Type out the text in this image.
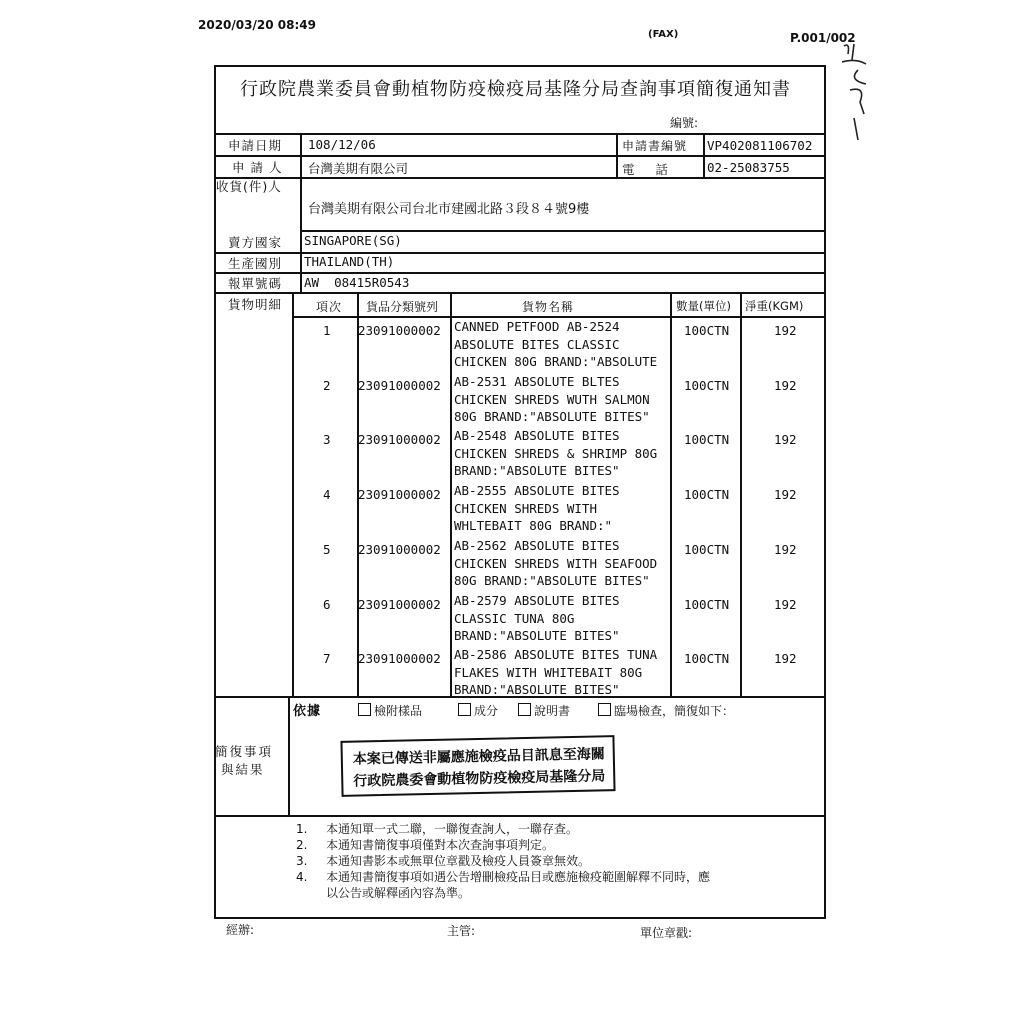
2020/03/20 08:49
(FAX)	P.001/002
行政院農業委員會動植物防疫檢疫局基隆分局查詢事項簡復通知書
編號:
申請日期 108/12/06	申請書編號 VP402081106702
申 請 人 台灣美期有限公司	電    話	02-25083755
收貨(件)人
台灣美期有限公司台北市建國北路３段８４號9樓
賣方國家 SINGAPORE(SG)
生產國別 THAILAND(TH)
報單號碼 AW  08415R0543
貨物明細	項次 貨品分類號列	貨物名稱	數量(單位) 淨重(KGM)
1 23091000002 CANNED PETFOOD AB-2524
ABSOLUTE BITES CLASSIC
CHICKEN 80G BRAND:"ABSOLUTE
100CTN	192
2 23091000002 AB-2531 ABSOLUTE BLTES
CHICKEN SHREDS WUTH SALMON
80G BRAND:"ABSOLUTE BITES"
100CTN	192
3 23091000002 AB-2548 ABSOLUTE BITES
CHICKEN SHREDS & SHRIMP 80G
BRAND:"ABSOLUTE BITES"
100CTN	192
4 23091000002 AB-2555 ABSOLUTE BITES
CHICKEN SHREDS WITH
WHLTEBAIT 80G BRAND:"
100CTN	192
5 23091000002 AB-2562 ABSOLUTE BITES
CHICKEN SHREDS WITH SEAFOOD
80G BRAND:"ABSOLUTE BITES"
100CTN	192
6 23091000002 AB-2579 ABSOLUTE BITES
CLASSIC TUNA 80G
BRAND:"ABSOLUTE BITES"
100CTN	192
7 23091000002 AB-2586 ABSOLUTE BITES TUNA
FLAKES WITH WHITEBAIT 80G
BRAND:"ABSOLUTE BITES"
100CTN	192
依據	檢附樣品	成分	說明書	臨場檢查，簡復如下：
簡復事項
與結果
本案已傳送非屬應施檢疫品目訊息至海關
行政院農委會動植物防疫檢疫局基隆分局
1. 本通知單一式二聯，一聯復查詢人，一聯存查。
2. 本通知書簡復事項僅對本次查詢事項判定。
3. 本通知書影本或無單位章戳及檢疫人員簽章無效。
4. 本通知書簡復事項如遇公告增刪檢疫品目或應施檢疫範圍解釋不同時，應
以公告或解釋函內容為準。
經辦:	主管:	單位章戳:
